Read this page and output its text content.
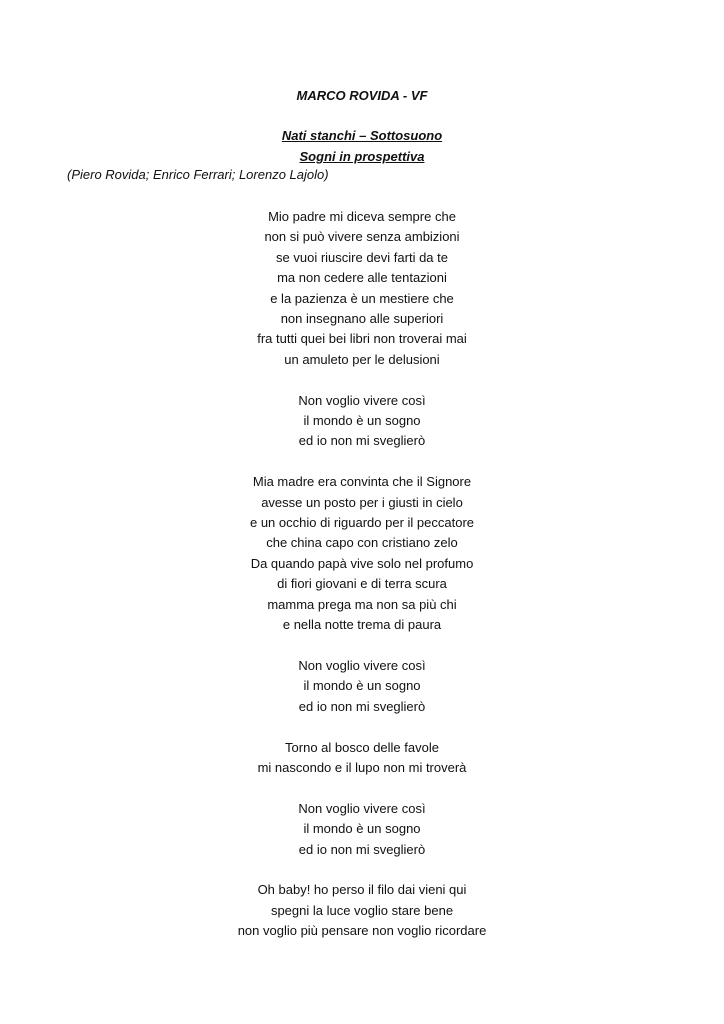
MARCO ROVIDA - VF
Nati stanchi – Sottosuono
Sogni in prospettiva
(Piero Rovida; Enrico Ferrari; Lorenzo Lajolo)
Mio padre mi diceva sempre che
non si può vivere senza ambizioni
se vuoi riuscire devi farti da te
ma non cedere alle tentazioni
e la pazienza è un mestiere che
non insegnano alle superiori
fra tutti quei bei libri non troverai mai
un amuleto per le delusioni
Non voglio vivere così
il mondo è un sogno
ed io non mi sveglierò
Mia madre era convinta che il Signore
avesse un posto per i giusti in cielo
e un occhio di riguardo per il peccatore
che china capo con cristiano zelo
Da quando papà vive solo nel profumo
di fiori giovani e di terra scura
mamma prega ma non sa più chi
e nella notte trema di paura
Non voglio vivere così
il mondo è un sogno
ed io non mi sveglierò
Torno al bosco delle favole
mi nascondo e il lupo non mi troverà
Non voglio vivere così
il mondo è un sogno
ed io non mi sveglierò
Oh baby! ho perso il filo dai vieni qui
spegni la luce voglio stare bene
non voglio più pensare non voglio ricordare
